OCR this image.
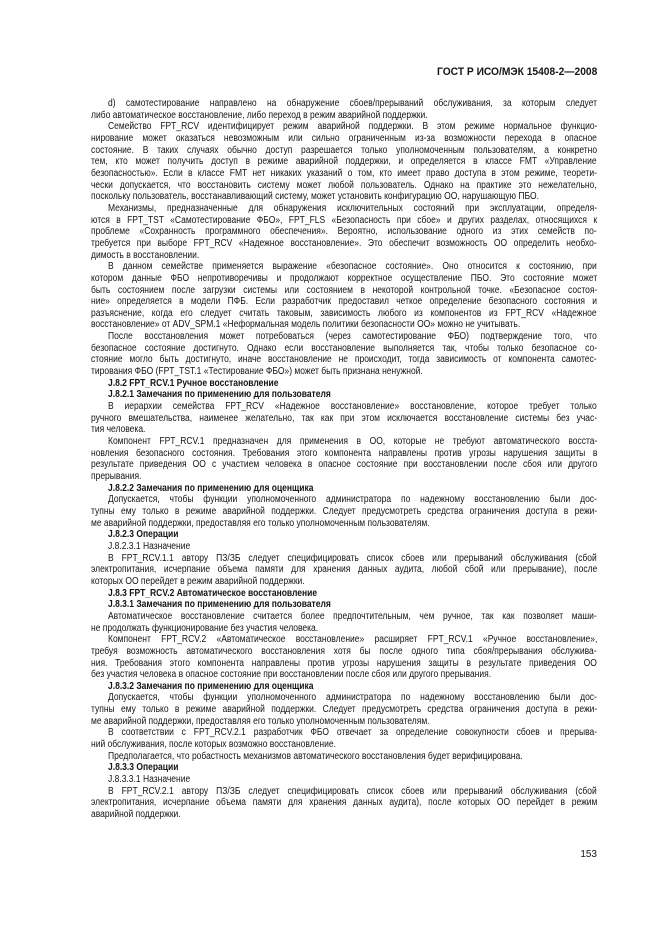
ГОСТ Р ИСО/МЭК 15408-2—2008
d) самотестирование направлено на обнаружение сбоев/прерываний обслуживания, за которым следует
либо автоматическое восстановление, либо переход в режим аварийной поддержки.
Семейство FPT_RCV идентифицирует режим аварийной поддержки. В этом режиме нормальное функцио-
нирование может оказаться невозможным или сильно ограниченным из-за возможности перехода в опасное
состояние. В таких случаях обычно доступ разрешается только уполномоченным пользователям, а конкретно
тем, кто может получить доступ в режиме аварийной поддержки, и определяется в классе FMT «Управление
безопасностью». Если в классе FMT нет никаких указаний о том, кто имеет право доступа в этом режиме, теорети-
чески допускается, что восстановить систему может любой пользователь. Однако на практике это нежелательно,
поскольку пользователь, восстанавливающий систему, может установить конфигурацию ОО, нарушающую ПБО.
Механизмы, предназначенные для обнаружения исключительных состояний при эксплуатации, определя-
ются в FPT_TST «Самотестирование ФБО», FPT_FLS «Безопасность при сбое» и других разделах, относящихся к
проблеме «Сохранность программного обеспечения». Вероятно, использование одного из этих семейств по-
требуется при выборе FPT_RCV «Надежное восстановление». Это обеспечит возможность ОО определить необхо-
димость в восстановлении.
В данном семействе применяется выражение «безопасное состояние». Оно относится к состоянию, при
котором данные ФБО непротиворечивы и продолжают корректное осуществление ПБО. Это состояние может
быть состоянием после загрузки системы или состоянием в некоторой контрольной точке. «Безопасное состоя-
ние» определяется в модели ПФБ. Если разработчик предоставил четкое определение безопасного состояния и
разъяснение, когда его следует считать таковым, зависимость любого из компонентов из FPT_RCV «Надежное
восстановление» от ADV_SPM.1 «Неформальная модель политики безопасности ОО» можно не учитывать.
После восстановления может потребоваться (через самотестирование ФБО) подтверждение того, что
безопасное состояние достигнуто. Однако если восстановление выполняется так, чтобы только безопасное со-
стояние могло быть достигнуто, иначе восстановление не происходит, тогда зависимость от компонента самотес-
тирования ФБО (FPT_TST.1 «Тестирование ФБО») может быть признана ненужной.
J.8.2 FPT_RCV.1 Ручное восстановление
J.8.2.1 Замечания по применению для пользователя
В иерархии семейства FPT_RCV «Надежное восстановление» восстановление, которое требует только
ручного вмешательства, наименее желательно, так как при этом исключается восстановление системы без учас-
тия человека.
Компонент FPT_RCV.1 предназначен для применения в ОО, которые не требуют автоматического восста-
новления безопасного состояния. Требования этого компонента направлены против угрозы нарушения защиты в
результате приведения ОО с участием человека в опасное состояние при восстановлении после сбоя или другого
прерывания.
J.8.2.2 Замечания по применению для оценщика
Допускается, чтобы функции уполномоченного администратора по надежному восстановлению были дос-
тупны ему только в режиме аварийной поддержки. Следует предусмотреть средства ограничения доступа в режи-
ме аварийной поддержки, предоставляя его только уполномоченным пользователям.
J.8.2.3 Операции
J.8.2.3.1 Назначение
В FPT_RCV.1.1 автору ПЗ/ЗБ следует специфицировать список сбоев или прерываний обслуживания (сбой
электропитания, исчерпание объема памяти для хранения данных аудита, любой сбой или прерывание), после
которых ОО перейдет в режим аварийной поддержки.
J.8.3 FPT_RCV.2 Автоматическое восстановление
J.8.3.1 Замечания по применению для пользователя
Автоматическое восстановление считается более предпочтительным, чем ручное, так как позволяет маши-
не продолжать функционирование без участия человека.
Компонент FPT_RCV.2 «Автоматическое восстановление» расширяет FPT_RCV.1 «Ручное восстановление»,
требуя возможность автоматического восстановления хотя бы после одного типа сбоя/прерывания обслужива-
ния. Требования этого компонента направлены против угрозы нарушения защиты в результате приведения ОО
без участия человека в опасное состояние при восстановлении после сбоя или другого прерывания.
J.8.3.2 Замечания по применению для оценщика
Допускается, чтобы функции уполномоченного администратора по надежному восстановлению были дос-
тупны ему только в режиме аварийной поддержки. Следует предусмотреть средства ограничения доступа в режи-
ме аварийной поддержки, предоставляя его только уполномоченным пользователям.
В соответствии с FPT_RCV.2.1 разработчик ФБО отвечает за определение совокупности сбоев и прерыва-
ний обслуживания, после которых возможно восстановление.
Предполагается, что робастность механизмов автоматического восстановления будет верифицирована.
J.8.3.3 Операции
J.8.3.3.1 Назначение
В FPT_RCV.2.1 автору ПЗ/ЗБ следует специфицировать список сбоев или прерываний обслуживания (сбой
электропитания, исчерпание объема памяти для хранения данных аудита), после которых ОО перейдет в режим
аварийной поддержки.
153
